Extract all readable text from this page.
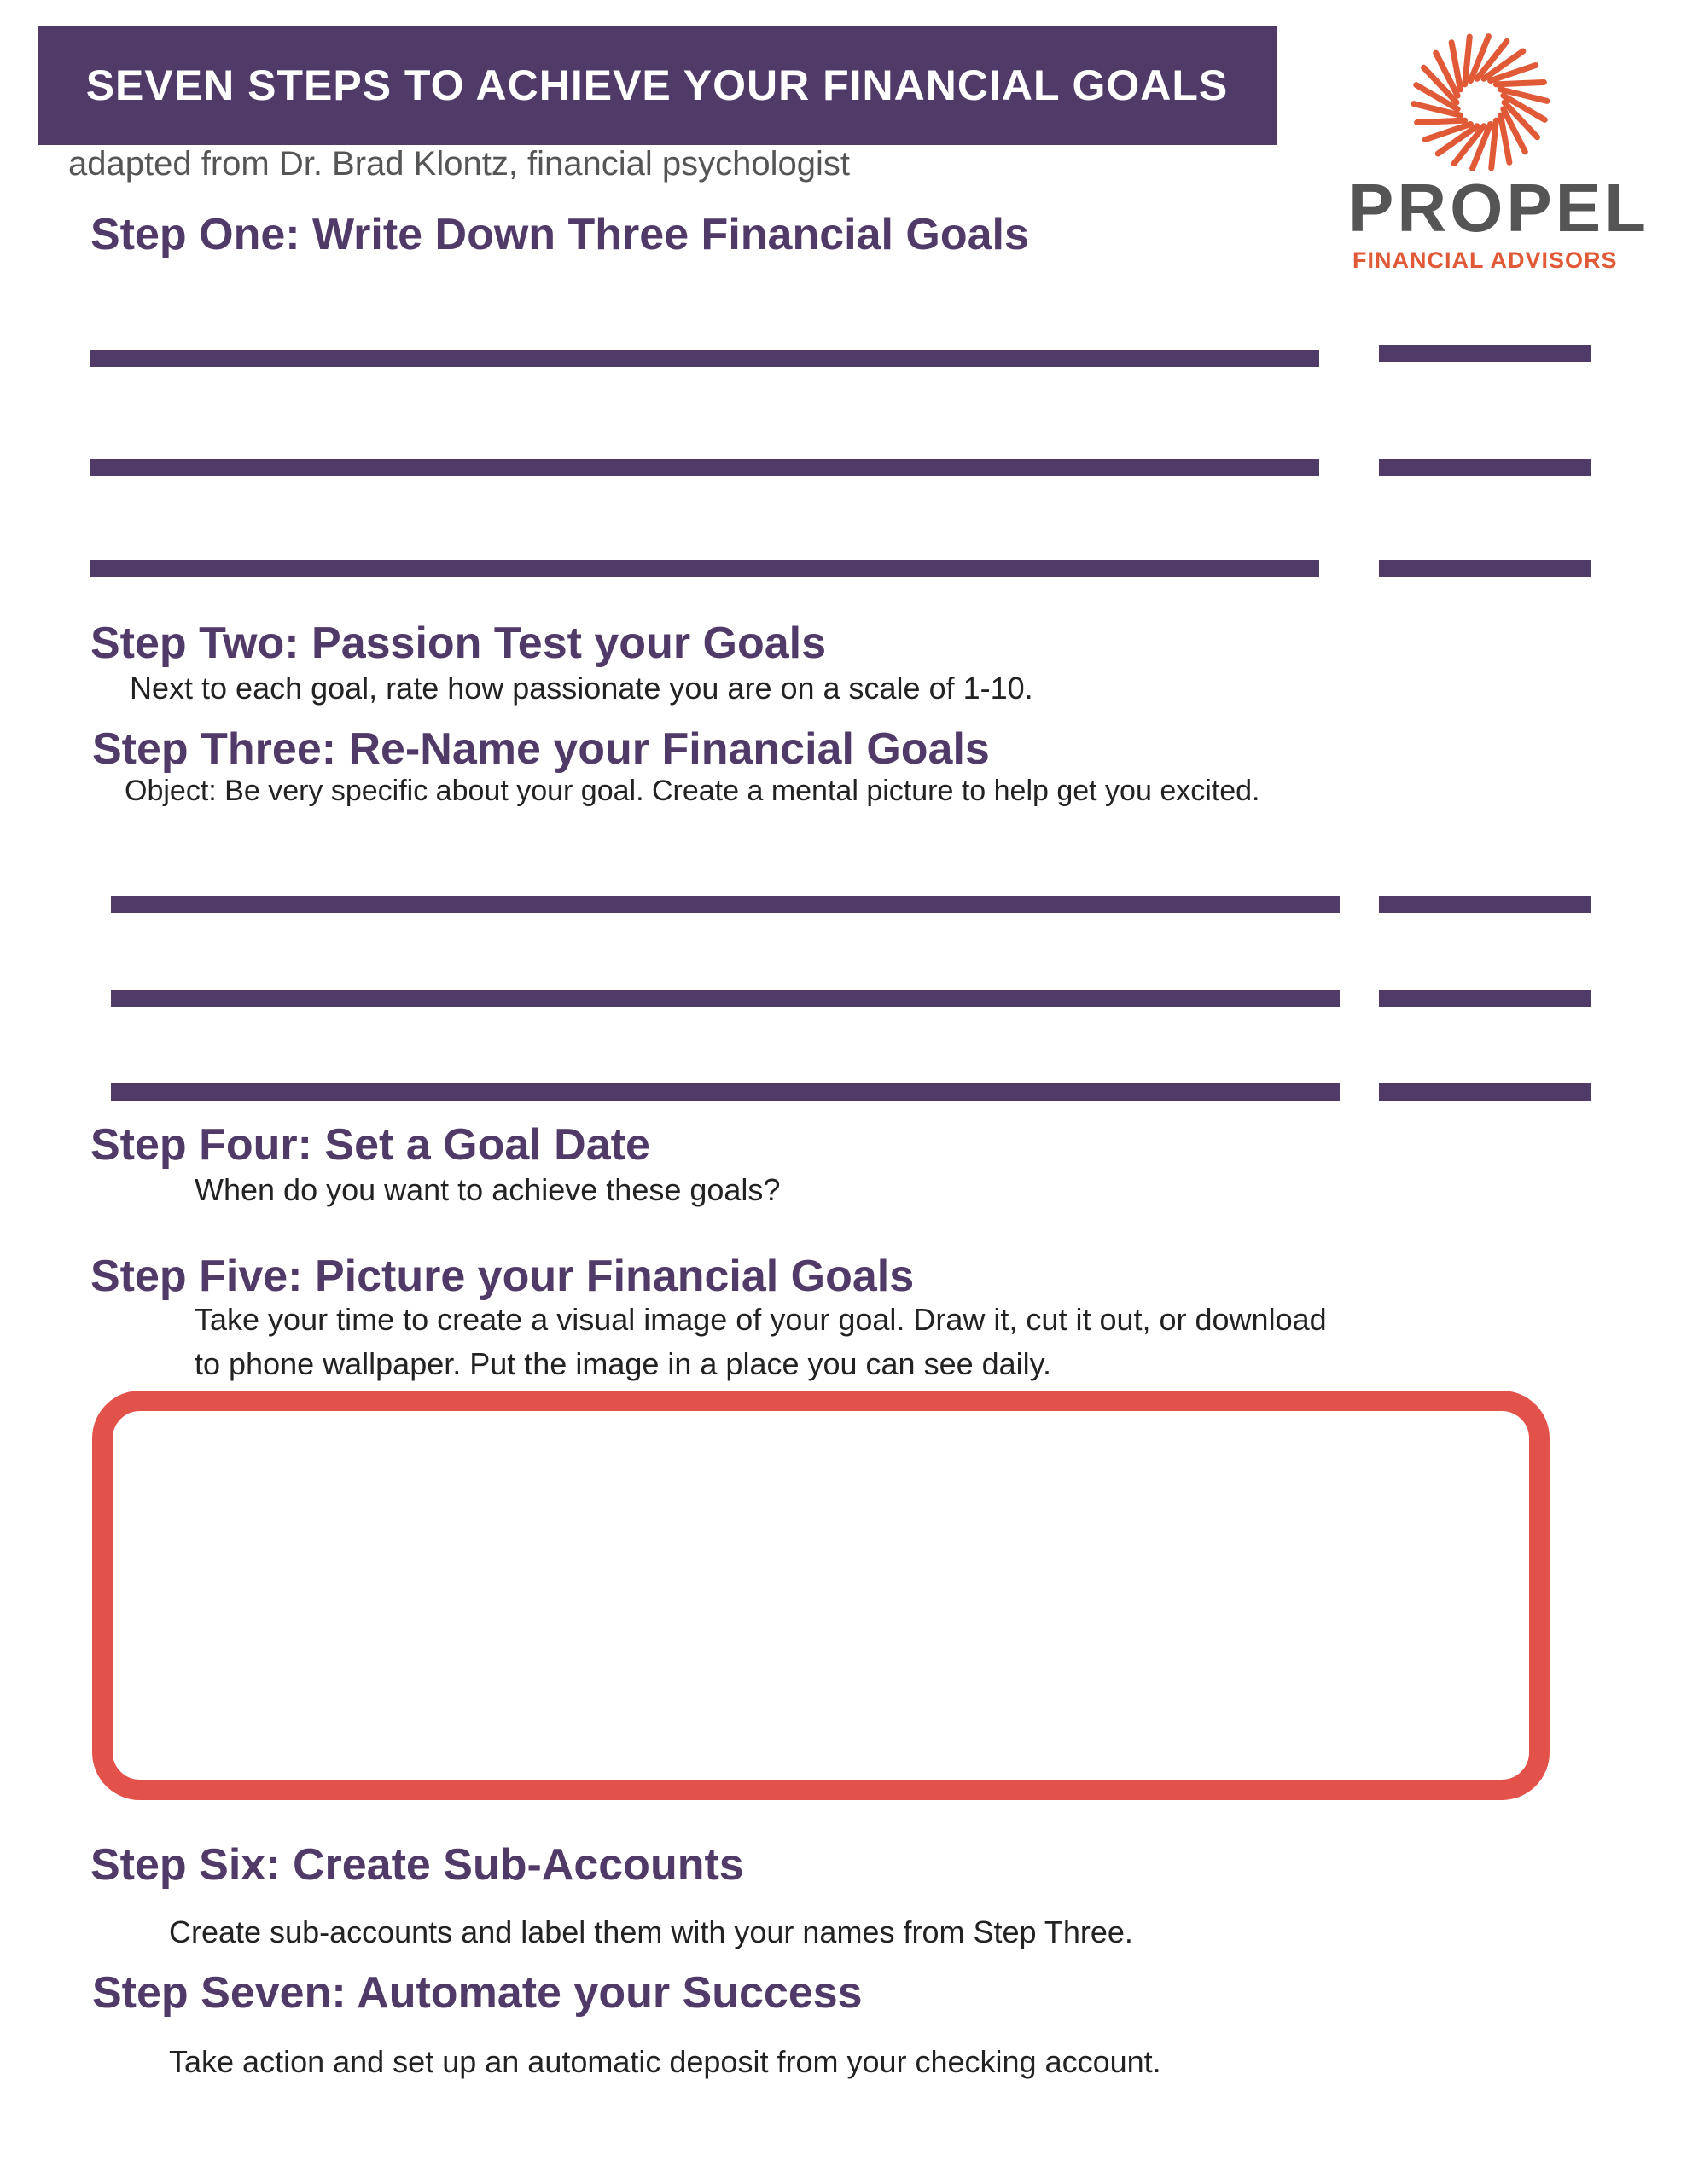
SEVEN STEPS TO ACHIEVE YOUR FINANCIAL GOALS
adapted from Dr. Brad Klontz, financial psychologist
PROPEL
FINANCIAL ADVISORS
Step One: Write Down Three Financial Goals
Step Two: Passion Test your Goals
Next to each goal, rate how passionate you are on a scale of 1-10.
Step Three: Re-Name your Financial Goals
Object: Be very specific about your goal. Create a mental picture to help get you excited.
Step Four: Set a Goal Date
When do you want to achieve these goals?
Step Five: Picture your Financial Goals
Take your time to create a visual image of your goal. Draw it, cut it out, or download
to phone wallpaper. Put the image in a place you can see daily.
Step Six: Create Sub-Accounts
Create sub-accounts and label them with your names from Step Three.
Step Seven: Automate your Success
Take action and set up an automatic deposit from your checking account.
